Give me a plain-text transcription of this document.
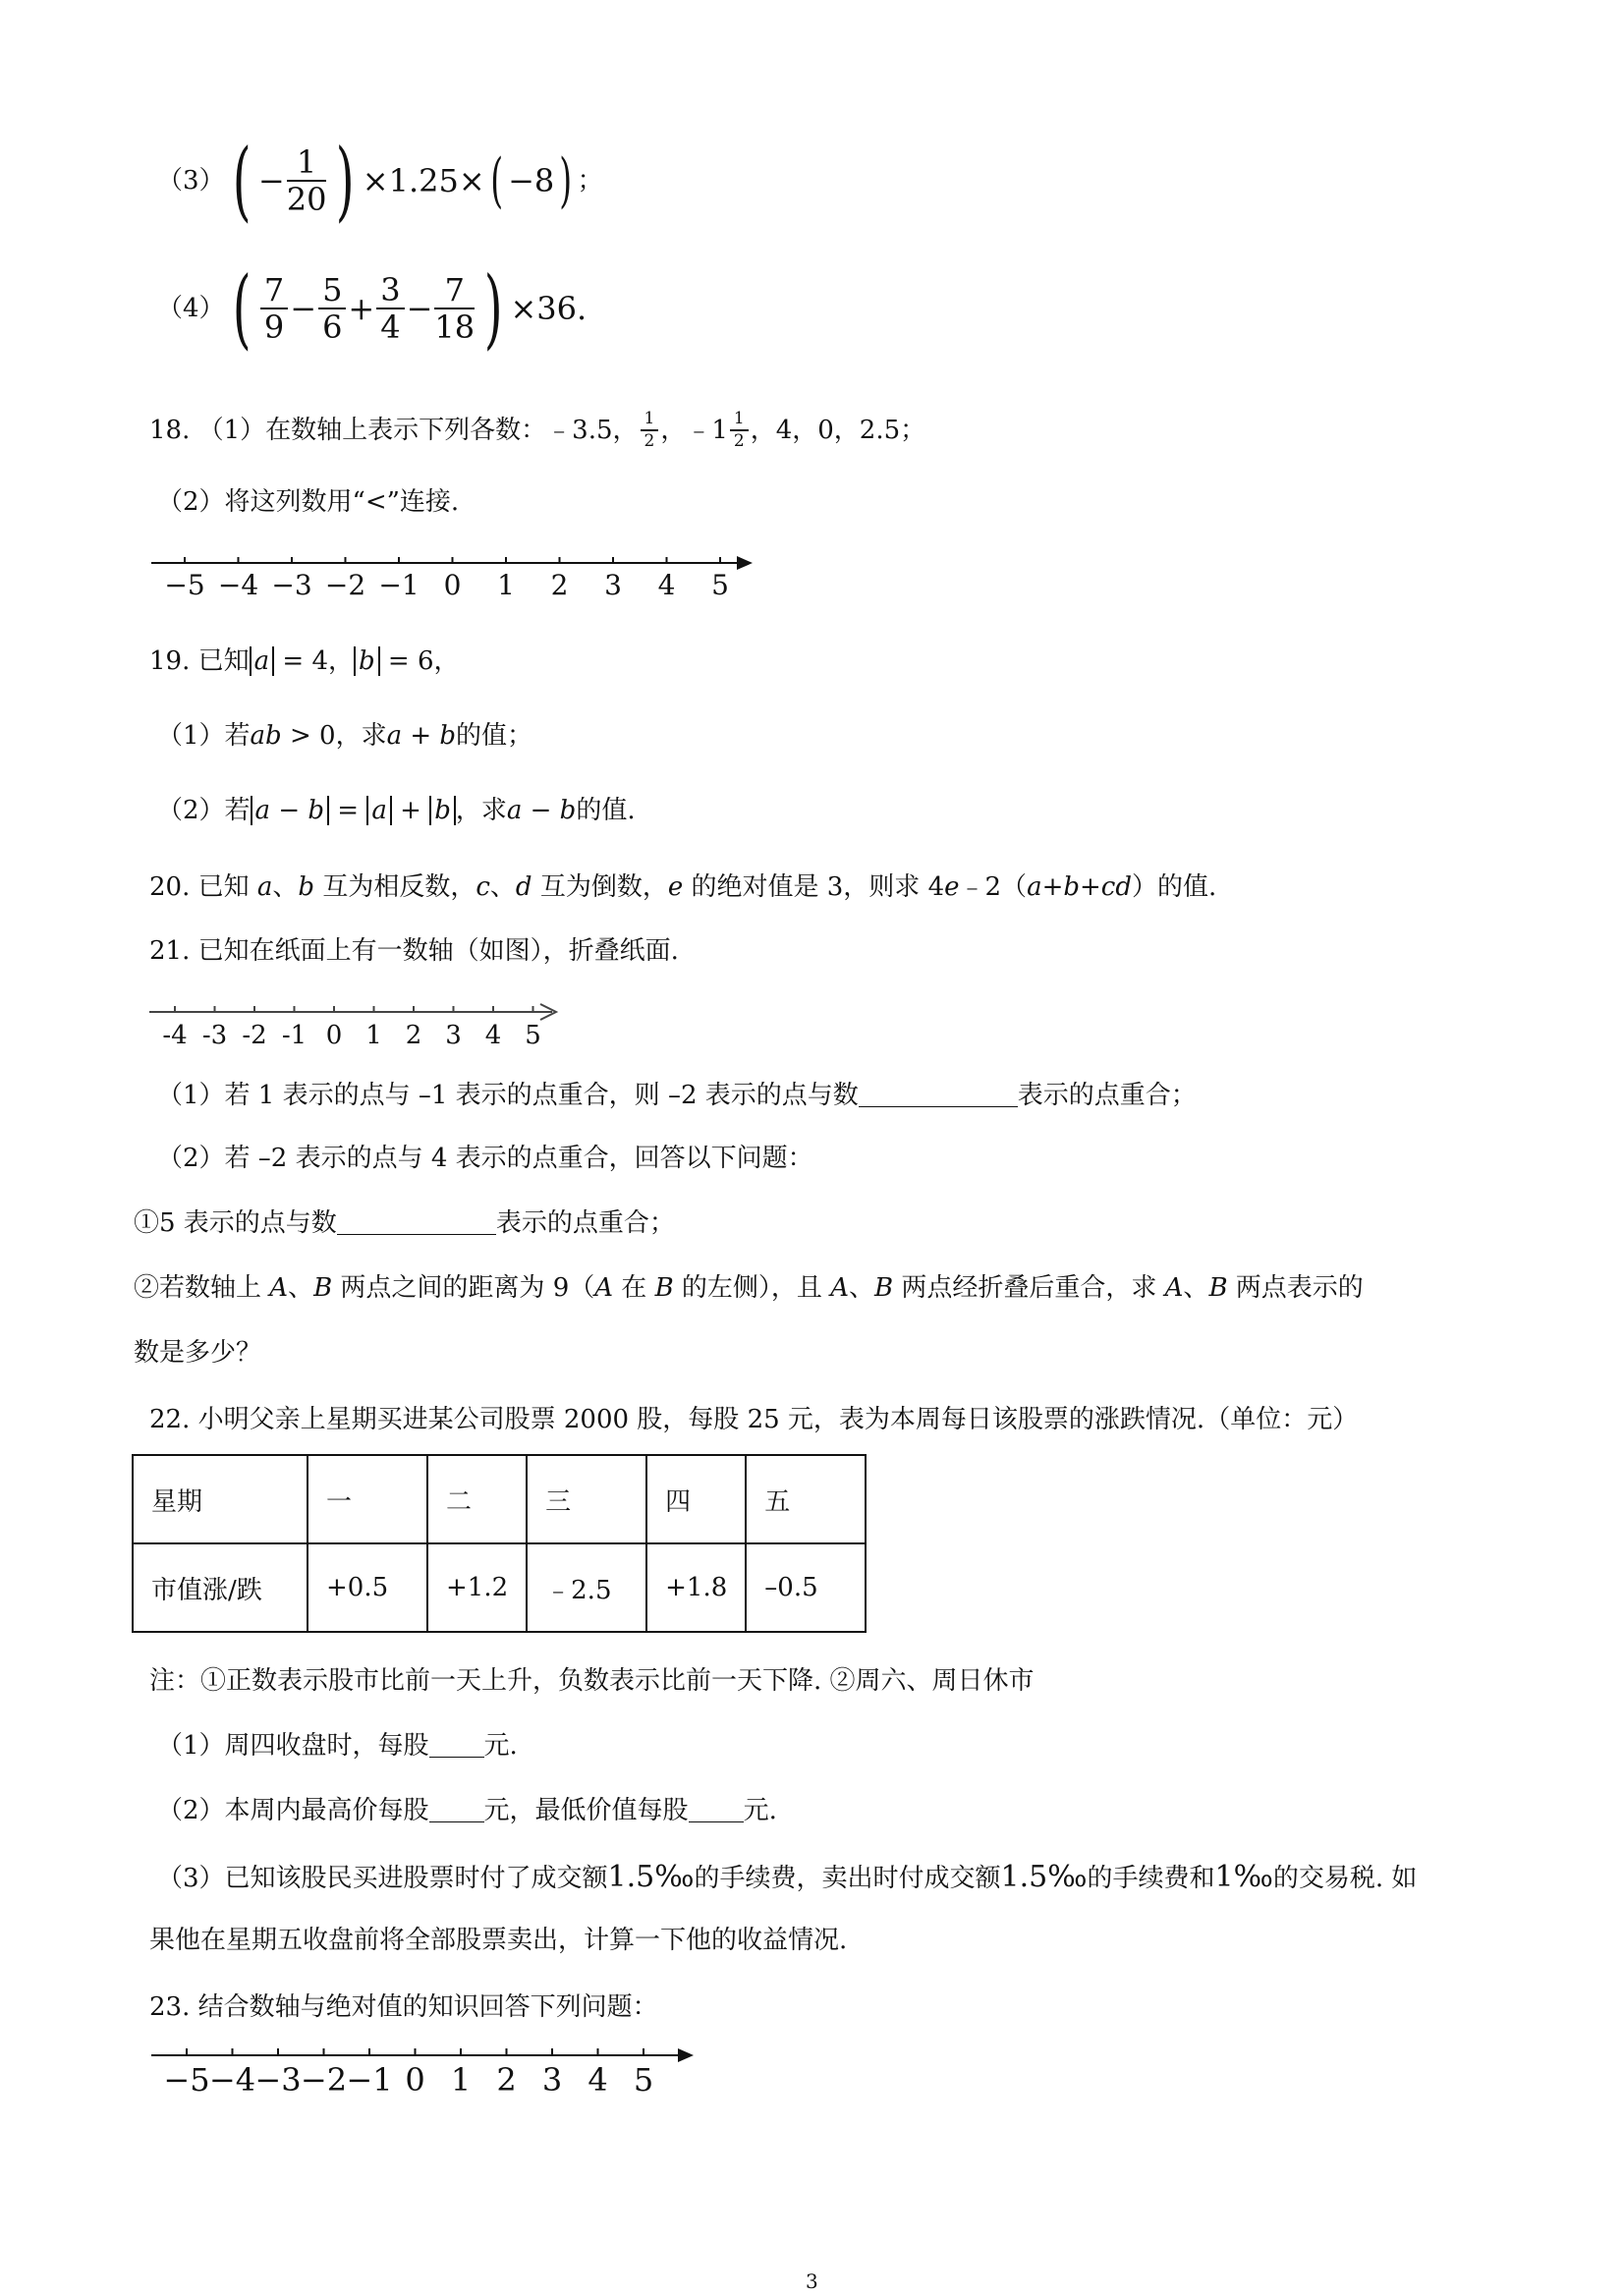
$(3)( - \frac{1}{20}$ ) ×1.25×( −8) ；
$(4)( \frac{7}{9} - \frac{5}{6} + \frac{3}{4} - \frac{7}{18}$ ) ×36.
18. （1）在数轴上表示下列各数：﹣3.5， $\frac{1}{2}$ ，﹣1 $\frac{1}{2}$ ，4，0，2.5；
（2）将这列数用“<”连接.
−5 −4 −3 −2 −1 0 1 2 3 4 5
19. 已知 a = 4， b = 6，
（1）若ab > 0，求a + b的值；
（2）若 a − b = a + b ，求a − b的值.
20. 已知 a、b 互为相反数，c、d 互为倒数，e 的绝对值是 3，则求 4e﹣2（a+b+cd）的值.
21. 已知在纸面上有一数轴（如图），折叠纸面.
-4 -3 -2 -1 0 1 2 3 4 5
（1）若 1 表示的点与 –1 表示的点重合，则 –2 表示的点与数	表示的点重合；
（2）若 –2 表示的点与 4 表示的点重合，回答以下问题：
①5 表示的点与数	表示的点重合；
②若数轴上 A、B 两点之间的距离为 9（A 在 B 的左侧），且 A、B 两点经折叠后重合，求 A、B 两点表示的
数是多少？
22. 小明父亲上星期买进某公司股票 2000 股，每股 25 元，表为本周每日该股票的涨跌情况.（单位：元）
星期	一	二	三	四	五
市值涨/跌	+0.5	+1.2	﹣2.5	+1.8	–0.5
注：①正数表示股市比前一天上升，负数表示比前一天下降. ②周六、周日休市
（1）周四收盘时，每股 元.
（2）本周内最高价每股 元，最低价值每股 元.
（3）已知该股民买进股票时付了成交额1.5‰的手续费，卖出时付成交额1.5‰的手续费和1‰的交易税. 如
果他在星期五收盘前将全部股票卖出，计算一下他的收益情况.
23. 结合数轴与绝对值的知识回答下列问题：
−5 −4 −3 −2 −1 0 1 2 3 4 5
3
